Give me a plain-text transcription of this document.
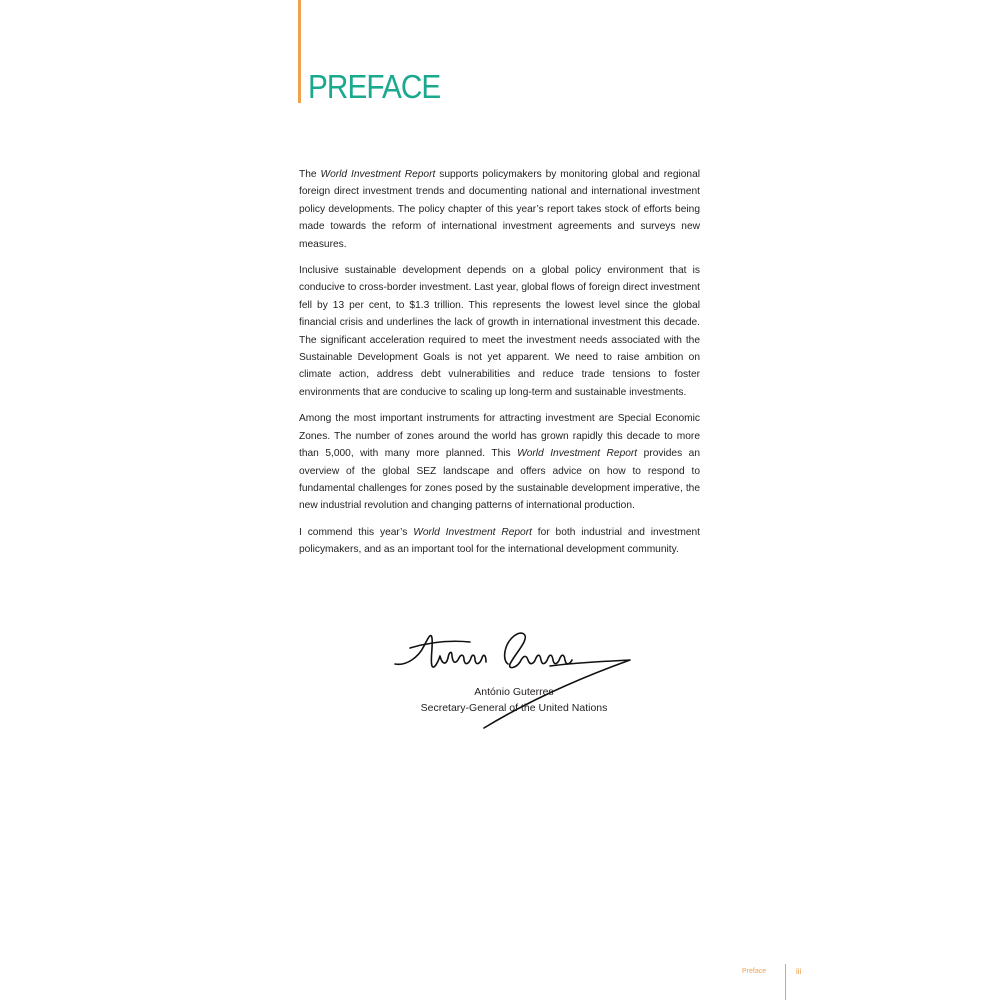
PREFACE

The World Investment Report supports policymakers by monitoring global and regional foreign direct investment trends and documenting national and international investment policy developments. The policy chapter of this year’s report takes stock of efforts being made towards the reform of international investment agreements and surveys new measures.

Inclusive sustainable development depends on a global policy environment that is conducive to cross-border investment. Last year, global flows of foreign direct investment fell by 13 per cent, to $1.3 trillion. This represents the lowest level since the global financial crisis and underlines the lack of growth in international investment this decade. The significant acceleration required to meet the investment needs associated with the Sustainable Development Goals is not yet apparent. We need to raise ambition on climate action, address debt vulnerabilities and reduce trade tensions to foster environments that are conducive to scaling up long-term and sustainable investments.

Among the most important instruments for attracting investment are Special Economic Zones. The number of zones around the world has grown rapidly this decade to more than 5,000, with many more planned. This World Investment Report provides an overview of the global SEZ landscape and offers advice on how to respond to fundamental challenges for zones posed by the sustainable development imperative, the new industrial revolution and changing patterns of international production.

I commend this year’s World Investment Report for both industrial and investment policymakers, and as an important tool for the international development community.

António Guterres
Secretary-General of the United Nations
Preface	iii
